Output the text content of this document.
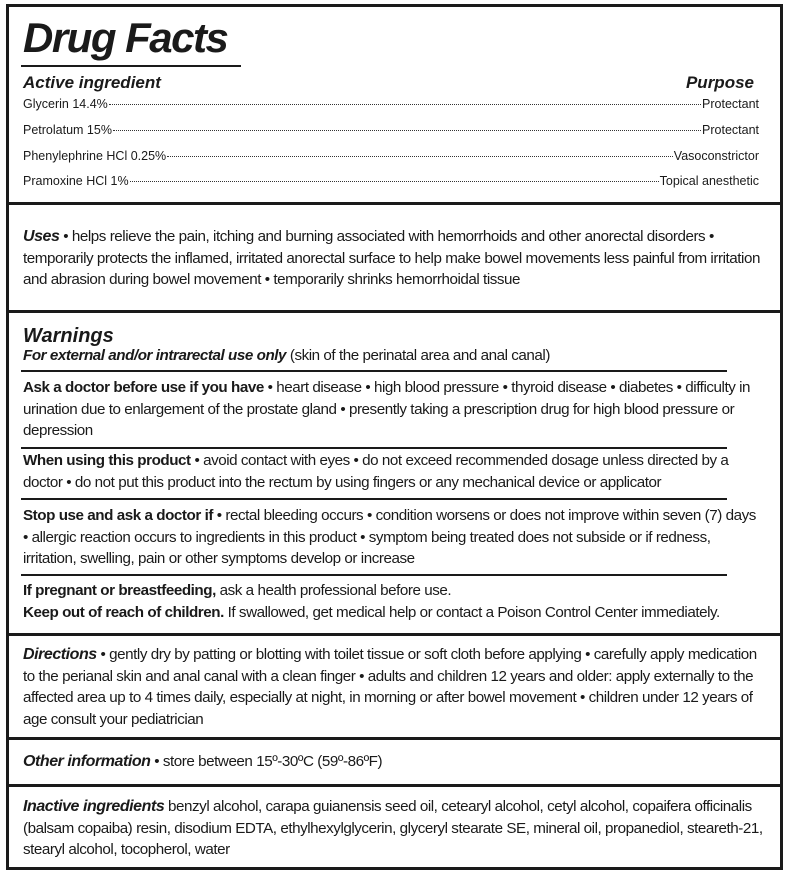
Drug Facts
Active ingredient	Purpose
Glycerin 14.4%	Protectant
Petrolatum 15%	Protectant
Phenylephrine HCl 0.25%	Vasoconstrictor
Pramoxine HCl 1%	Topical anesthetic

Uses • helps relieve the pain, itching and burning associated with hemorrhoids and other anorectal disorders • temporarily protects the inflamed, irritated anorectal surface to help make bowel movements less painful from irritation and abrasion during bowel movement • temporarily shrinks hemorrhoidal tissue

Warnings

For external and/or intrarectal use only (skin of the perinatal area and anal canal)

Ask a doctor before use if you have • heart disease • high blood pressure • thyroid disease • diabetes • difficulty in urination due to enlargement of the prostate gland • presently taking a prescription drug for high blood pressure or depression

When using this product • avoid contact with eyes • do not exceed recommended dosage unless directed by a doctor • do not put this product into the rectum by using fingers or any mechanical device or applicator

Stop use and ask a doctor if • rectal bleeding occurs • condition worsens or does not improve within seven (7) days • allergic reaction occurs to ingredients in this product • symptom being treated does not subside or if redness, irritation, swelling, pain or other symptoms develop or increase

If pregnant or breastfeeding, ask a health professional before use.

Keep out of reach of children. If swallowed, get medical help or contact a Poison Control Center immediately.

Directions • gently dry by patting or blotting with toilet tissue or soft cloth before applying • carefully apply medication to the perianal skin and anal canal with a clean finger • adults and children 12 years and older: apply externally to the affected area up to 4 times daily, especially at night, in morning or after bowel movement • children under 12 years of age consult your pediatrician

Other information • store between 15º-30ºC (59º-86ºF)

Inactive ingredients benzyl alcohol, carapa guianensis seed oil, cetearyl alcohol, cetyl alcohol, copaifera officinalis (balsam copaiba) resin, disodium EDTA, ethylhexylglycerin, glyceryl stearate SE, mineral oil, propanediol, steareth-21, stearyl alcohol, tocopherol, water
